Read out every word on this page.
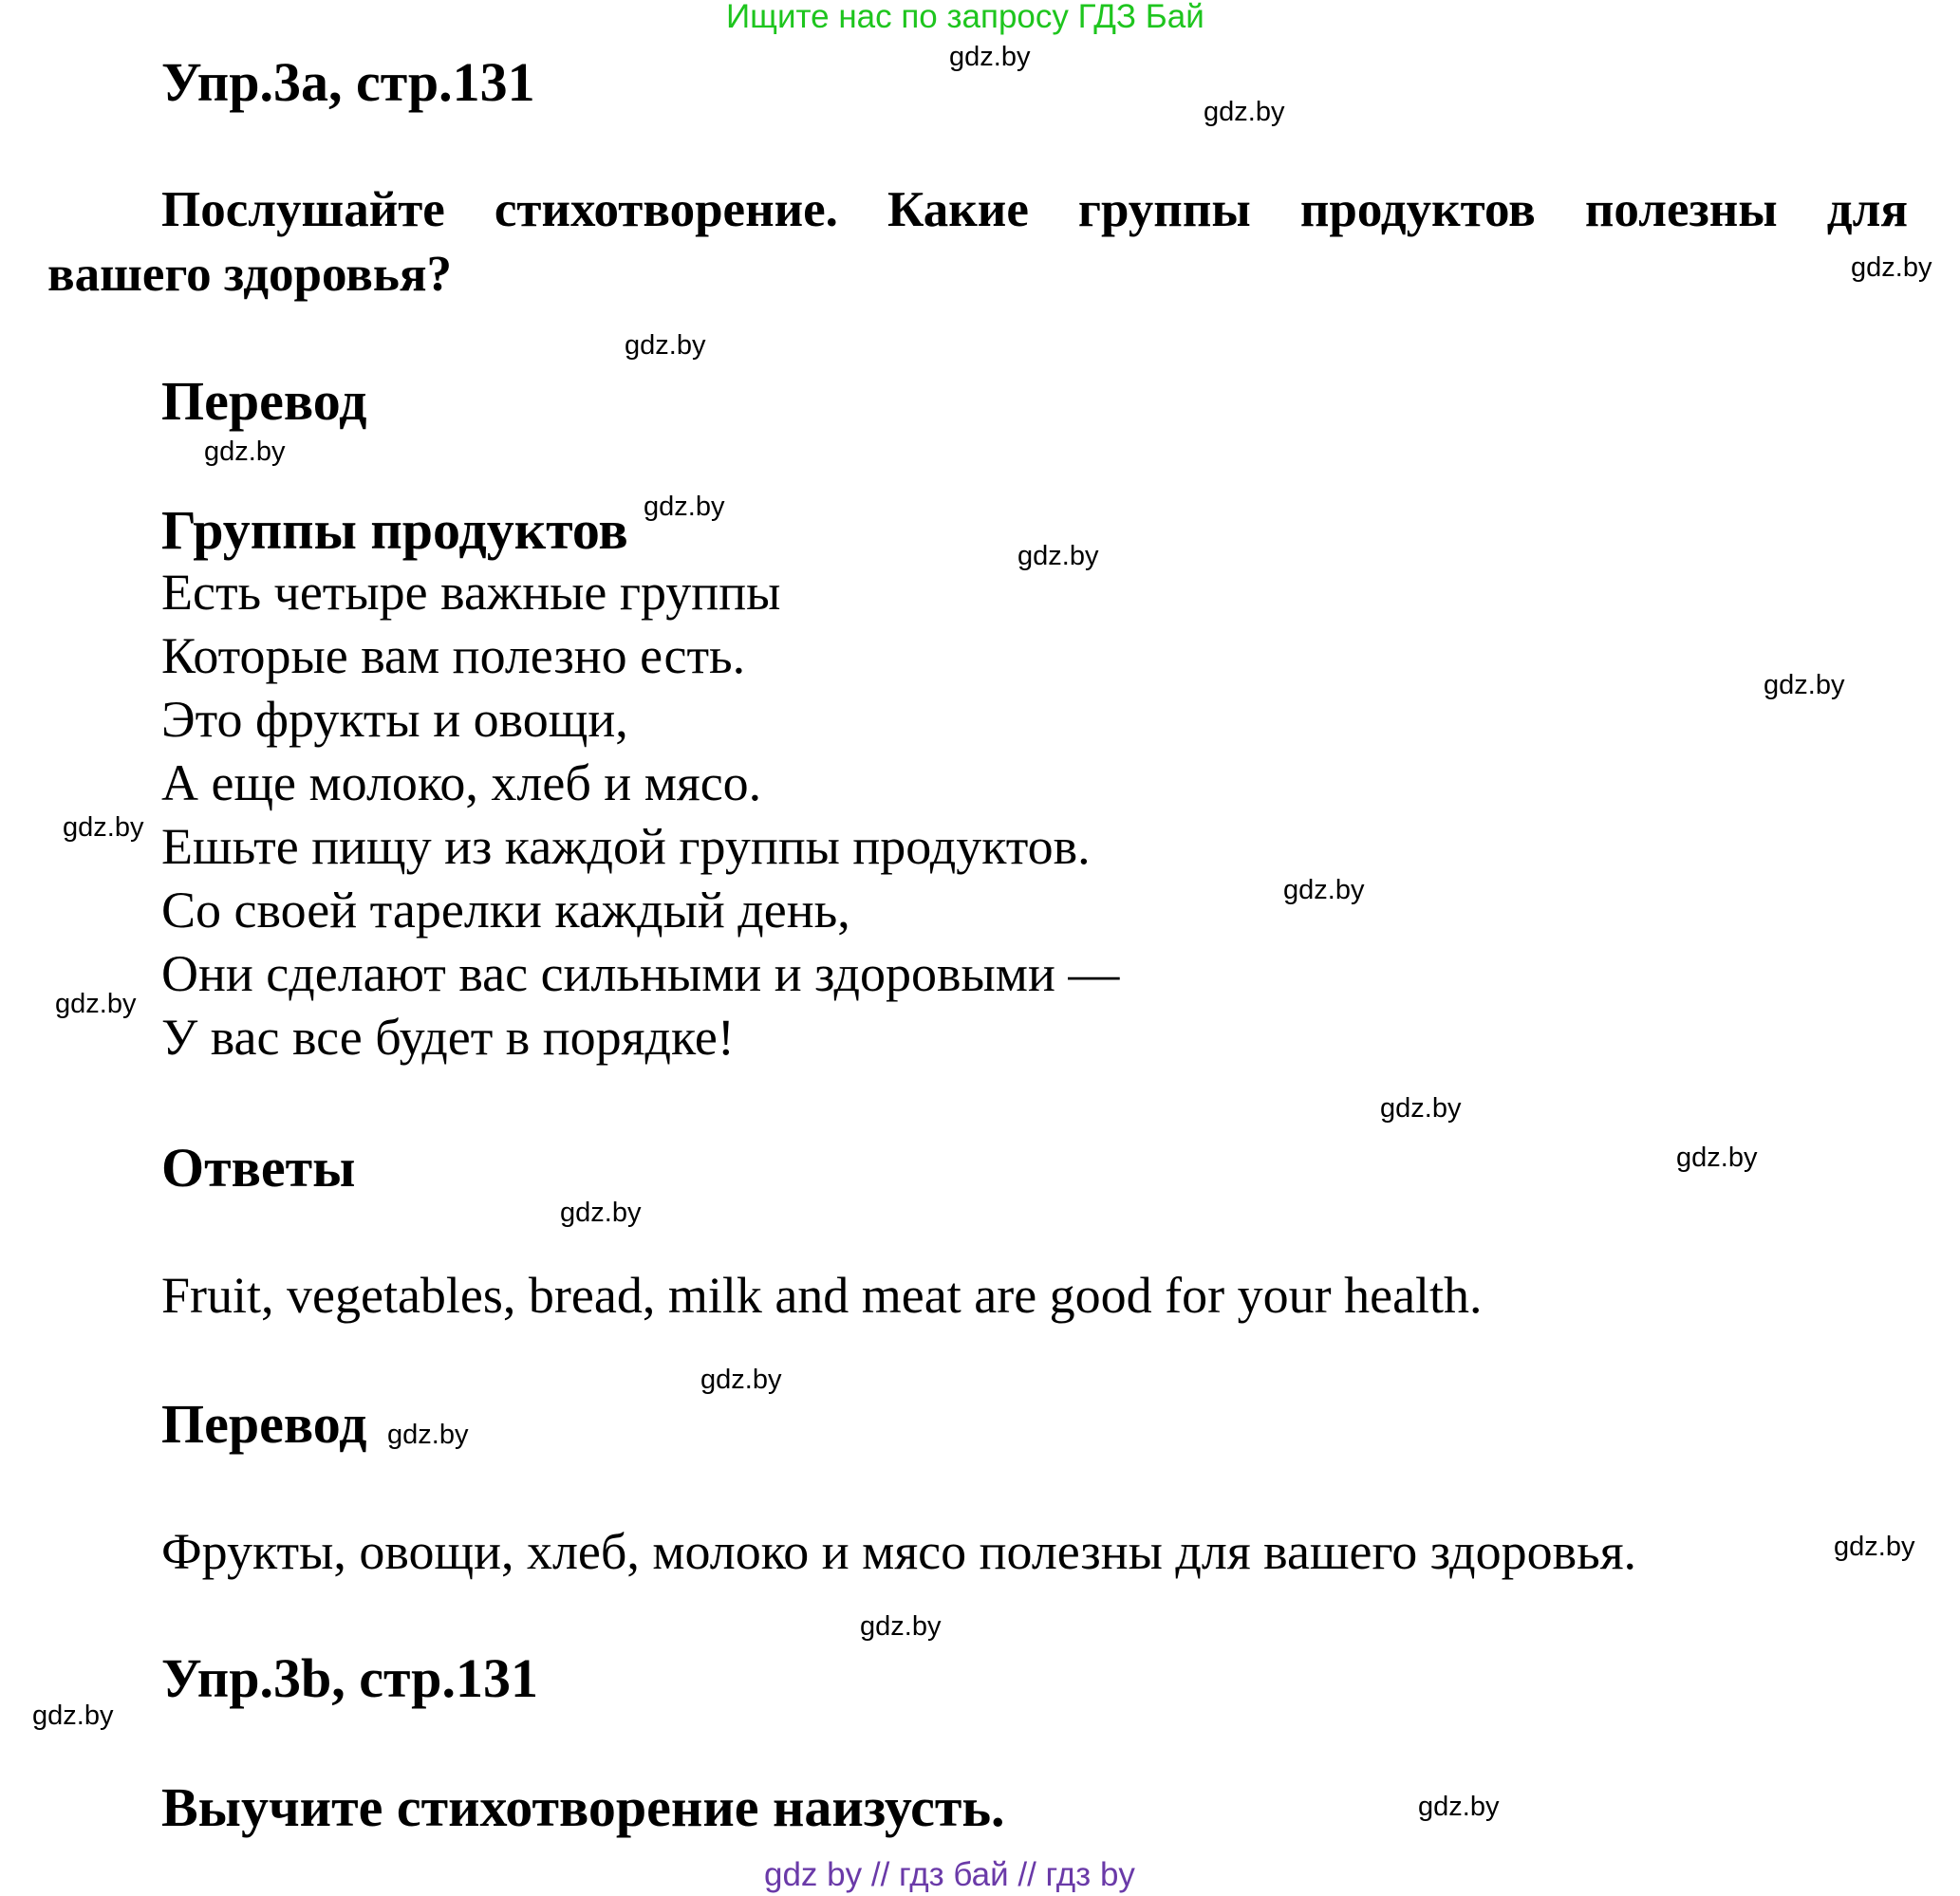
Ищите нас по запросу ГДЗ Бай
Упр.3а, стр.131
Послушайте стихотворение. Какие группы продуктов полезны для
вашего здоровья?
Перевод
Группы продуктов
Есть четыре важные группы
Которые вам полезно есть.
Это фрукты и овощи,
А еще молоко, хлеб и мясо.
Ешьте пищу из каждой группы продуктов.
Со своей тарелки каждый день,
Они сделают вас сильными и здоровыми —
У вас все будет в порядке!
Ответы
Fruit, vegetables, bread, milk and meat are good for your health.
Перевод
Фрукты, овощи, хлеб, молоко и мясо полезны для вашего здоровья.
Упр.3b, стр.131
Выучите стихотворение наизусть.
gdz.by
gdz.by
gdz.by
gdz.by
gdz.by
gdz.by
gdz.by
gdz.by
gdz.by
gdz.by
gdz.by
gdz.by
gdz.by
gdz.by
gdz.by
gdz.by
gdz.by
gdz.by
gdz.by
gdz.by
gdz by // гдз бай // гдз by
